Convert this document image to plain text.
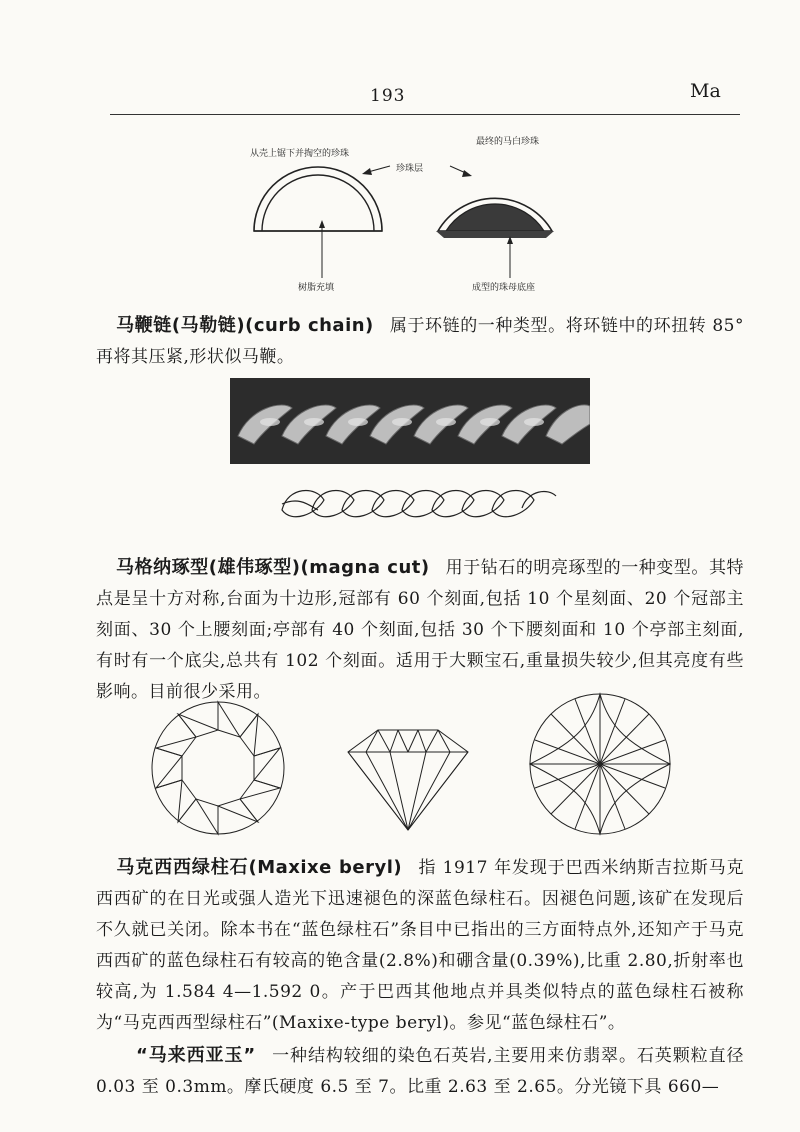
193	Ma
从壳上锯下并掏空的珍珠
最终的马白珍珠
珍珠层
树脂充填	成型的珠母底座

马鞭链(马勒链)(curb chain) 属于环链的一种类型。将环链中的环扭转 85°再将其压紧,形状似马鞭。

马格纳琢型(雄伟琢型)(magna cut) 用于钻石的明亮琢型的一种变型。其特点是呈十方对称,台面为十边形,冠部有 60 个刻面,包括 10 个星刻面、20 个冠部主刻面、30 个上腰刻面;亭部有 40 个刻面,包括 30 个下腰刻面和 10 个亭部主刻面,有时有一个底尖,总共有 102 个刻面。适用于大颗宝石,重量损失较少,但其亮度有些影响。目前很少采用。

马克西西绿柱石(Maxixe beryl) 指 1917 年发现于巴西米纳斯吉拉斯马克西西矿的在日光或强人造光下迅速褪色的深蓝色绿柱石。因褪色问题,该矿在发现后不久就已关闭。除本书在“蓝色绿柱石”条目中已指出的三方面特点外,还知产于马克西西矿的蓝色绿柱石有较高的铯含量(2.8%)和硼含量(0.39%),比重 2.80,折射率也较高,为 1.584 4—1.592 0。产于巴西其他地点并具类似特点的蓝色绿柱石被称为“马克西西型绿柱石”(Maxixe-type beryl)。参见“蓝色绿柱石”。

“马来西亚玉” 一种结构较细的染色石英岩,主要用来仿翡翠。石英颗粒直径 0.03 至 0.3mm。摩氏硬度 6.5 至 7。比重 2.63 至 2.65。分光镜下具 660—
